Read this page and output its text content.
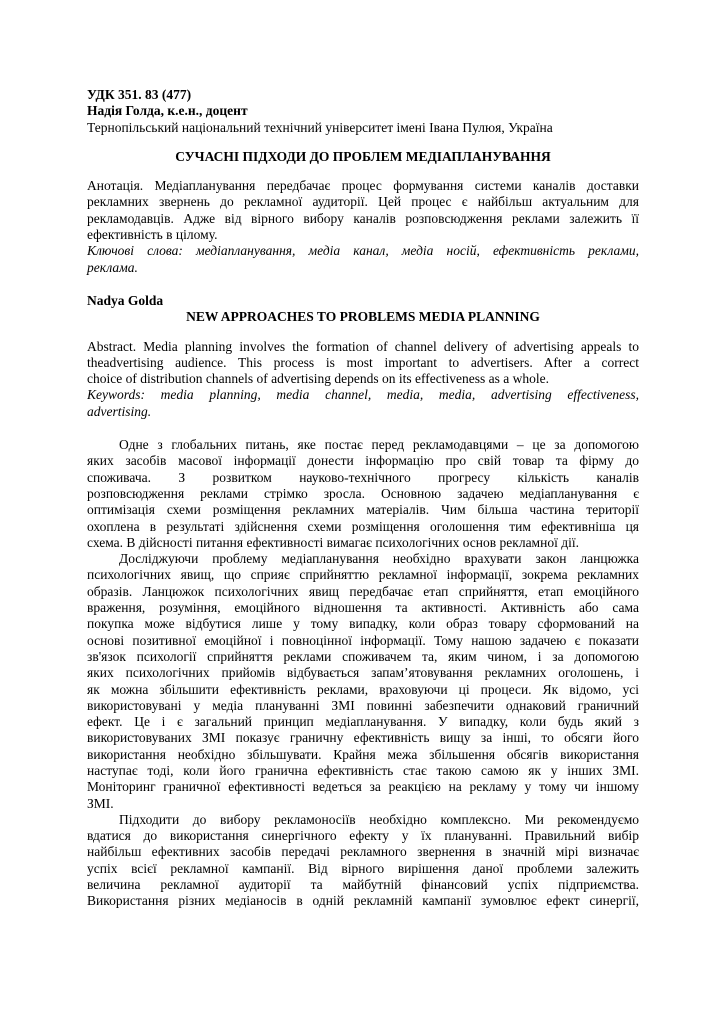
УДК 351. 83 (477)
Надія Голда, к.е.н., доцент
Тернопільський національний технічний університет імені Івана Пулюя, Україна
СУЧАСНІ ПІДХОДИ ДО ПРОБЛЕМ МЕДІАПЛАНУВАННЯ
Анотація. Медіапланування передбачає процес формування системи каналів доставки
рекламних звернень до рекламної аудиторії. Цей процес є найбільш актуальним для
рекламодавців. Адже від вірного вибору каналів розповсюдження реклами залежить її
ефективність в цілому.
Ключові слова: медіапланування, медіа канал, медіа носій, ефективність реклами,
реклама.
Nadya Golda
NEW APPROACHES TO PROBLEMS MEDIA PLANNING
Abstract. Media planning involves the formation of channel delivery of advertising appeals to
theadvertising audience. This process is most important to advertisers. After a correct
choice of distribution channels of advertising depends on its effectiveness as a whole.
Keywords: media planning, media channel, media, media, advertising effectiveness,
advertising.
Одне з глобальних питань, яке постає перед рекламодавцями – це за допомогою
яких засобів масової інформації донести інформацію про свій товар та фірму до
споживача. З розвитком науково-технічного прогресу кількість каналів
розповсюдження реклами стрімко зросла. Основною задачею медіапланування є
оптимізація схеми розміщення рекламних матеріалів. Чим більша частина території
охоплена в результаті здійснення схеми розміщення оголошення тим ефективніша ця
схема. В дійсності питання ефективності вимагає психологічних основ рекламної дії.
Досліджуючи проблему медіапланування необхідно врахувати закон ланцюжка
психологічних явищ, що сприяє сприйняттю рекламної інформації, зокрема рекламних
образів. Ланцюжок психологічних явищ передбачає етап сприйняття, етап емоційного
враження, розуміння, емоційного відношення та активності. Активність або сама
покупка може відбутися лише у тому випадку, коли образ товару сформований на
основі позитивної емоційної і повноцінної інформації. Тому нашою задачею є показати
зв'язок психології сприйняття реклами споживачем та, яким чином, і за допомогою
яких психологічних прийомів відбувається запам’ятовування рекламних оголошень, і
як можна збільшити ефективність реклами, враховуючи ці процеси. Як відомо, усі
використовувані у медіа плануванні ЗМІ повинні забезпечити однаковий граничний
ефект. Це і є загальний принцип медіапланування. У випадку, коли будь який з
використовуваних ЗМІ показує граничну ефективність вищу за інші, то обсяги його
використання необхідно збільшувати. Крайня межа збільшення обсягів використання
наступає тоді, коли його гранична ефективність стає такою самою як у інших ЗМІ.
Моніторинг граничної ефективності ведеться за реакцією на рекламу у тому чи іншому
ЗМІ.
Підходити до вибору рекламоносіїв необхідно комплексно. Ми рекомендуємо
вдатися до використання синергічного ефекту у їх плануванні. Правильний вибір
найбільш ефективних засобів передачі рекламного звернення в значній мірі визначає
успіх всієї рекламної кампанії. Від вірного вирішення даної проблеми залежить
величина рекламної аудиторії та майбутній фінансовий успіх підприємства.
Використання різних медіаносів в одній рекламній кампанії зумовлює ефект синергії,
